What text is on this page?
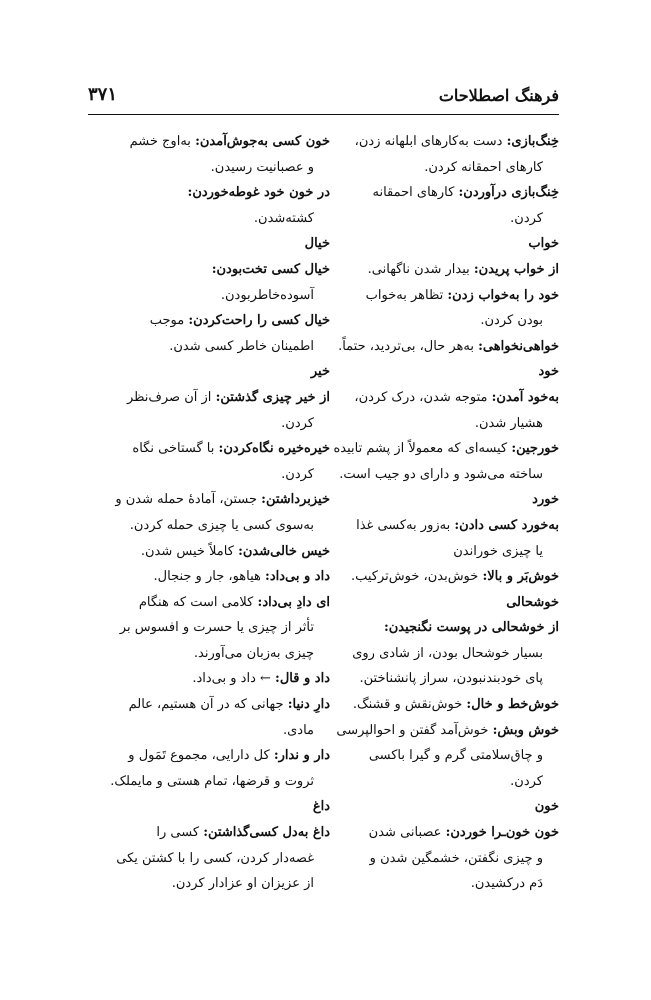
فرهنگ اصطلاحات
۳۷۱
خِنگ‌بازی: دست به‌کارهای ابلهانه زدن،
کارهای احمقانه کردن.
خِنگ‌بازی درآوردن: کارهای احمقانه
کردن.
خواب
از خواب پریدن: بیدار شدن ناگهانی.
خود را به‌خواب زدن: تظاهر به‌خواب
بودن کردن.
خواهی‌نخواهی: به‌هر حال، بی‌تردید، حتماً.
خود
به‌خود آمدن: متوجه شدن، درک کردن،
هشیار شدن.
خورجین: کیسه‌ای که معمولاً از پشم تابیده
ساخته می‌شود و دارای دو جیب است.
خورد
به‌خورد کسی دادن: به‌زور به‌کسی غذا
یا چیزی خوراندن
خوش‌بَر و بالا: خوش‌بدن، خوش‌ترکیب.
خوشحالی
از خوشحالی در پوست نگنجیدن:
بسیار خوشحال بودن، از شادی روی
پای خودبندنبودن، سراز پانشناختن.
خوش‌خط و خال: خوش‌نقش و قشنگ.
خوش وبش: خوش‌آمد گفتن و احوالپرسی
و چاق‌سلامتی گرم و گیرا باکسی کردن.
خون
خون خون‌ـرا خوردن: عصبانی شدن
و چیزی نگفتن، خشمگین شدن و
دَم درکشیدن.
خون کسی به‌جوش‌آمدن: به‌اوج خشم
و عصبانیت رسیدن.
در خون خود غوطه‌خوردن:
کشته‌شدن.
خیال
خیال کسی تخت‌بودن:
آسوده‌خاطربودن.
خیال کسی را راحت‌کردن: موجب
اطمینان خاطر کسی شدن.
خیر
از خیر چیزی گذشتن: از آن صرف‌نظر
کردن.
خیره‌خیره نگاه‌کردن: با گستاخی نگاه
کردن.
خیزبرداشتن: جستن، آمادۀ حمله شدن و
به‌سوی کسی یا چیزی حمله کردن.
خیس خالی‌شدن: کاملاً خیس شدن.
داد و بی‌داد: هیاهو، جار و جنجال.
ای دادِ بی‌داد: کلامی است که هنگام
تأثر از چیزی یا حسرت و افسوس بر
چیزی به‌زبان می‌آورند.
داد و قال: ← داد و بی‌داد.
دارِ دنیا: جهانی که در آن هستیم، عالم
مادی.
دار و ندار: کل دارایی، مجموع تَمَول و
ثروت و قرضها، تمام هستی و مایملک.
داغ
داغ به‌دل کسی‌گذاشتن: کسی را
غصه‌دار کردن، کسی را با کشتن یکی
از عزیزان او عزادار کردن.
